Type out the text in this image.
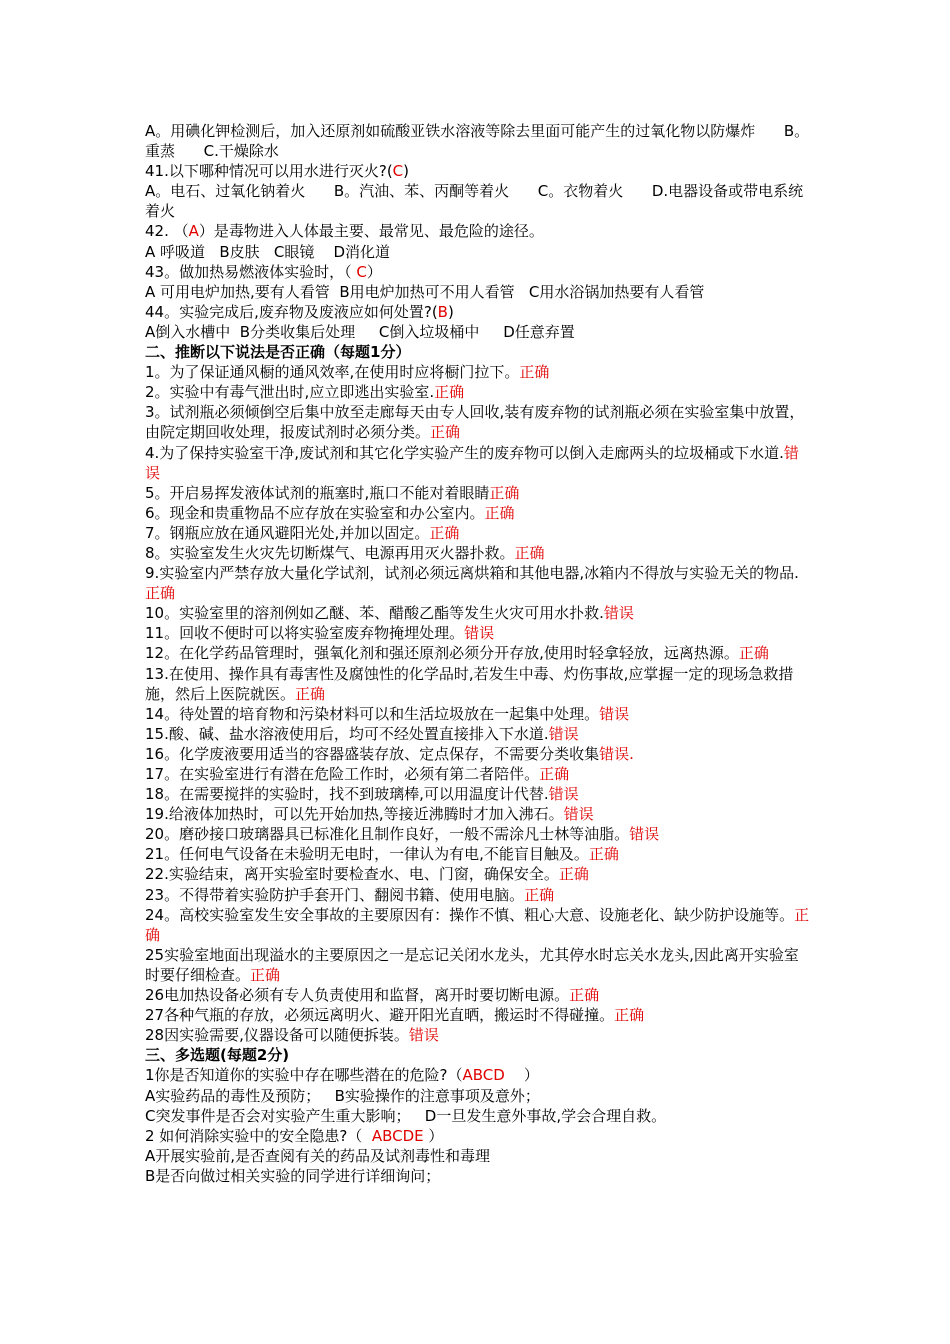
A。用碘化钾检测后，加入还原剂如硫酸亚铁水溶液等除去里面可能产生的过氧化物以防爆炸      B。重蒸      C.干燥除水
41.以下哪种情况可以用水进行灭火?(C)
A。电石、过氧化钠着火      B。汽油、苯、丙酮等着火      C。衣物着火      D.电器设备或带电系统着火
42. （A）是毒物进入人体最主要、最常见、最危险的途径。
A 呼吸道   B皮肤   C眼镜    D消化道
43。做加热易燃液体实验时，（ C）
A 可用电炉加热,要有人看管  B用电炉加热可不用人看管   C用水浴锅加热要有人看管
44。实验完成后,废弃物及废液应如何处置?(B)
A倒入水槽中  B分类收集后处理     C倒入垃圾桶中     D任意弃置
二、推断以下说法是否正确（每题1分）
1。为了保证通风橱的通风效率,在使用时应将橱门拉下。正确
2。实验中有毒气泄出时,应立即逃出实验室.正确
3。试剂瓶必须倾倒空后集中放至走廊每天由专人回收,装有废弃物的试剂瓶必须在实验室集中放置，由院定期回收处理，报废试剂时必须分类。正确
4.为了保持实验室干净,废试剂和其它化学实验产生的废弃物可以倒入走廊两头的垃圾桶或下水道.错误
5。开启易挥发液体试剂的瓶塞时,瓶口不能对着眼睛正确
6。现金和贵重物品不应存放在实验室和办公室内。正确
7。钢瓶应放在通风避阳光处,并加以固定。正确
8。实验室发生火灾先切断煤气、电源再用灭火器扑救。正确
9.实验室内严禁存放大量化学试剂，试剂必须远离烘箱和其他电器,冰箱内不得放与实验无关的物品.正确
10。实验室里的溶剂例如乙醚、苯、醋酸乙酯等发生火灾可用水扑救.错误
11。回收不便时可以将实验室废弃物掩埋处理。错误
12。在化学药品管理时，强氧化剂和强还原剂必须分开存放,使用时轻拿轻放，远离热源。正确
13.在使用、操作具有毒害性及腐蚀性的化学品时,若发生中毒、灼伤事故,应掌握一定的现场急救措施，然后上医院就医。正确
14。待处置的培育物和污染材料可以和生活垃圾放在一起集中处理。错误
15.酸、碱、盐水溶液使用后，均可不经处置直接排入下水道.错误
16。化学废液要用适当的容器盛装存放、定点保存，不需要分类收集错误.
17。在实验室进行有潜在危险工作时，必须有第二者陪伴。正确
18。在需要搅拌的实验时，找不到玻璃棒,可以用温度计代替.错误
19.给液体加热时，可以先开始加热,等接近沸腾时才加入沸石。错误
20。磨砂接口玻璃器具已标准化且制作良好，一般不需涂凡士林等油脂。错误
21。任何电气设备在未验明无电时，一律认为有电,不能盲目触及。正确
22.实验结束，离开实验室时要检查水、电、门窗，确保安全。正确
23。不得带着实验防护手套开门、翻阅书籍、使用电脑。正确
24。高校实验室发生安全事故的主要原因有：操作不慎、粗心大意、设施老化、缺少防护设施等。正确
25实验室地面出现溢水的主要原因之一是忘记关闭水龙头，尤其停水时忘关水龙头,因此离开实验室时要仔细检查。正确
26电加热设备必须有专人负责使用和监督，离开时要切断电源。正确
27各种气瓶的存放，必须远离明火、避开阳光直晒，搬运时不得碰撞。正确
28因实验需要,仪器设备可以随便拆装。错误
三、多选题(每题2分)
1你是否知道你的实验中存在哪些潜在的危险?（ABCD    ）
A实验药品的毒性及预防；   B实验操作的注意事项及意外；
C突发事件是否会对实验产生重大影响；   D一旦发生意外事故,学会合理自救。
2 如何消除实验中的安全隐患?（  ABCDE ）
A开展实验前,是否查阅有关的药品及试剂毒性和毒理
B是否向做过相关实验的同学进行详细询问；
